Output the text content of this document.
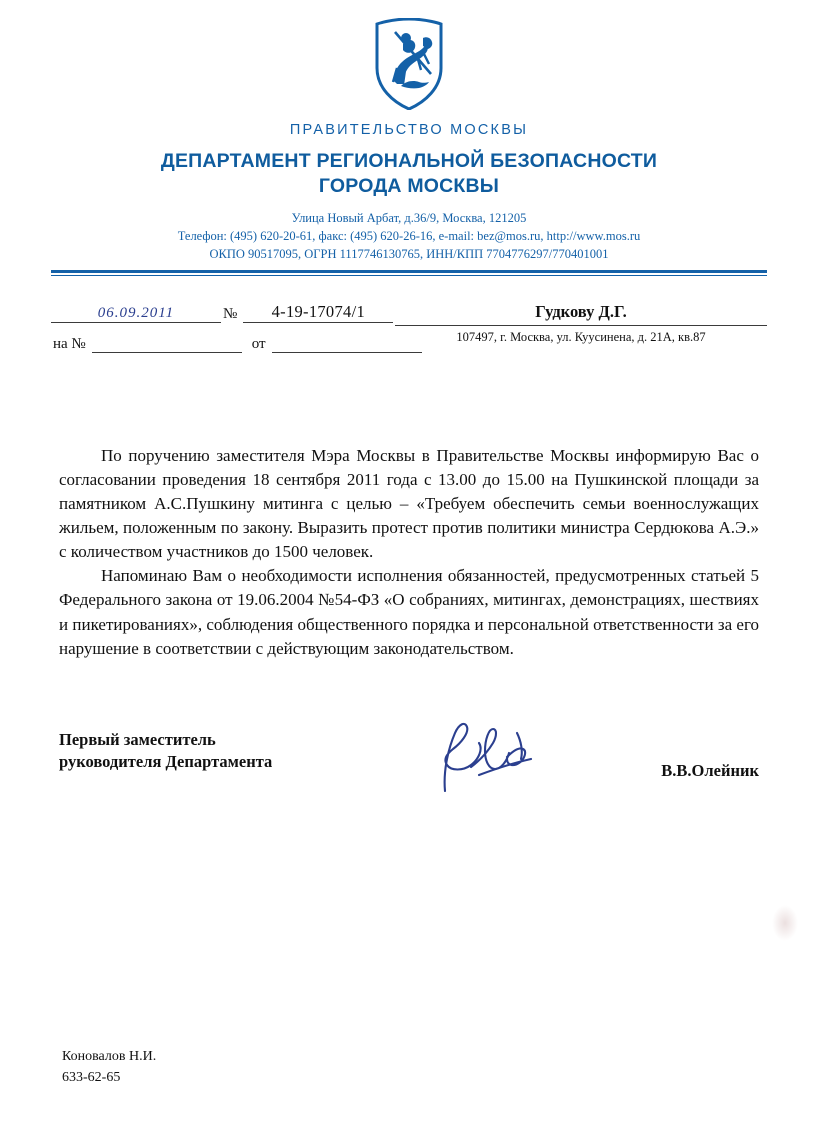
ПРАВИТЕЛЬСТВО МОСКВЫ
ДЕПАРТАМЕНТ РЕГИОНАЛЬНОЙ БЕЗОПАСНОСТИ
ГОРОДА МОСКВЫ
Улица Новый Арбат, д.36/9, Москва, 121205
Телефон: (495) 620-20-61, факс: (495) 620-26-16, e-mail: bez@mos.ru, http://www.mos.ru
ОКПО 90517095, ОГРН 1117746130765, ИНН/КПП 7704776297/770401001
06.09.2011	№	4-19-17074/1
на №	от
Гудкову Д.Г.
107497, г. Москва, ул. Куусинена, д. 21А, кв.87

По поручению заместителя Мэра Москвы в Правительстве Москвы информирую Вас о согласовании проведения 18 сентября 2011 года с 13.00 до 15.00 на Пушкинской площади за памятником А.С.Пушкину митинга с целью – «Требуем обеспечить семьи военнослужащих жильем, положенным по закону. Выразить протест против политики министра Сердюкова А.Э.» с количеством участников до 1500 человек.

Напоминаю Вам о необходимости исполнения обязанностей, предусмотренных статьей 5 Федерального закона от 19.06.2004 №54-ФЗ «О собраниях, митингах, демонстрациях, шествиях и пикетированиях», соблюдения общественного порядка и персональной ответственности за его нарушение в соответствии с действующим законодательством.

Первый заместитель
руководителя Департамента	В.В.Олейник
Коновалов Н.И.
633-62-65
